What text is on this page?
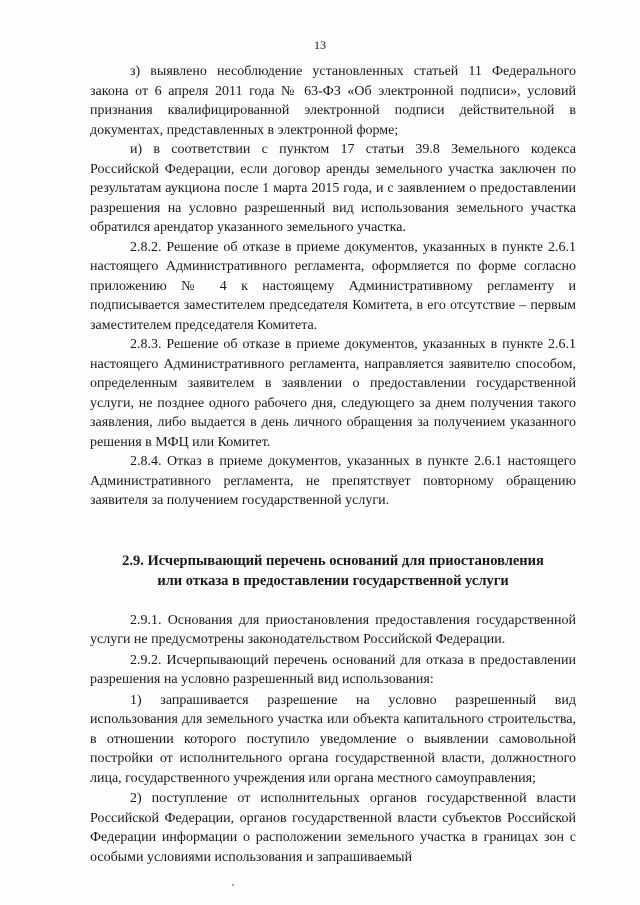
13

з) выявлено несоблюдение установленных статьей 11 Федерального закона от 6 апреля 2011 года № 63-ФЗ «Об электронной подписи», условий признания квалифицированной электронной подписи действительной в документах, представленных в электронной форме;

и) в соответствии с пунктом 17 статьи 39.8 Земельного кодекса Российской Федерации, если договор аренды земельного участка заключен по результатам аукциона после 1 марта 2015 года, и с заявлением о предоставлении разрешения на условно разрешенный вид использования земельного участка обратился арендатор указанного земельного участка.

2.8.2. Решение об отказе в приеме документов, указанных в пункте 2.6.1 настоящего Административного регламента, оформляется по форме согласно приложению № 4 к настоящему Административному регламенту и подписывается заместителем председателя Комитета, в его отсутствие – первым заместителем председателя Комитета.

2.8.3. Решение об отказе в приеме документов, указанных в пункте 2.6.1 настоящего Административного регламента, направляется заявителю способом, определенным заявителем в заявлении о предоставлении государственной услуги, не позднее одного рабочего дня, следующего за днем получения такого заявления, либо выдается в день личного обращения за получением указанного решения в МФЦ или Комитет.

2.8.4. Отказ в приеме документов, указанных в пункте 2.6.1 настоящего Административного регламента, не препятствует повторному обращению заявителя за получением государственной услуги.

2.9. Исчерпывающий перечень оснований для приостановления
или отказа в предоставлении государственной услуги

2.9.1. Основания для приостановления предоставления государственной услуги не предусмотрены законодательством Российской Федерации.

2.9.2. Исчерпывающий перечень оснований для отказа в предоставлении разрешения на условно разрешенный вид использования:

1) запрашивается разрешение на условно разрешенный вид использования для земельного участка или объекта капитального строительства, в отношении которого поступило уведомление о выявлении самовольной постройки от исполнительного органа государственной власти, должностного лица, государственного учреждения или органа местного самоуправления;

2) поступление от исполнительных органов государственной власти Российской Федерации, органов государственной власти субъектов Российской Федерации информации о расположении земельного участка в границах зон с особыми условиями использования и запрашиваемый
